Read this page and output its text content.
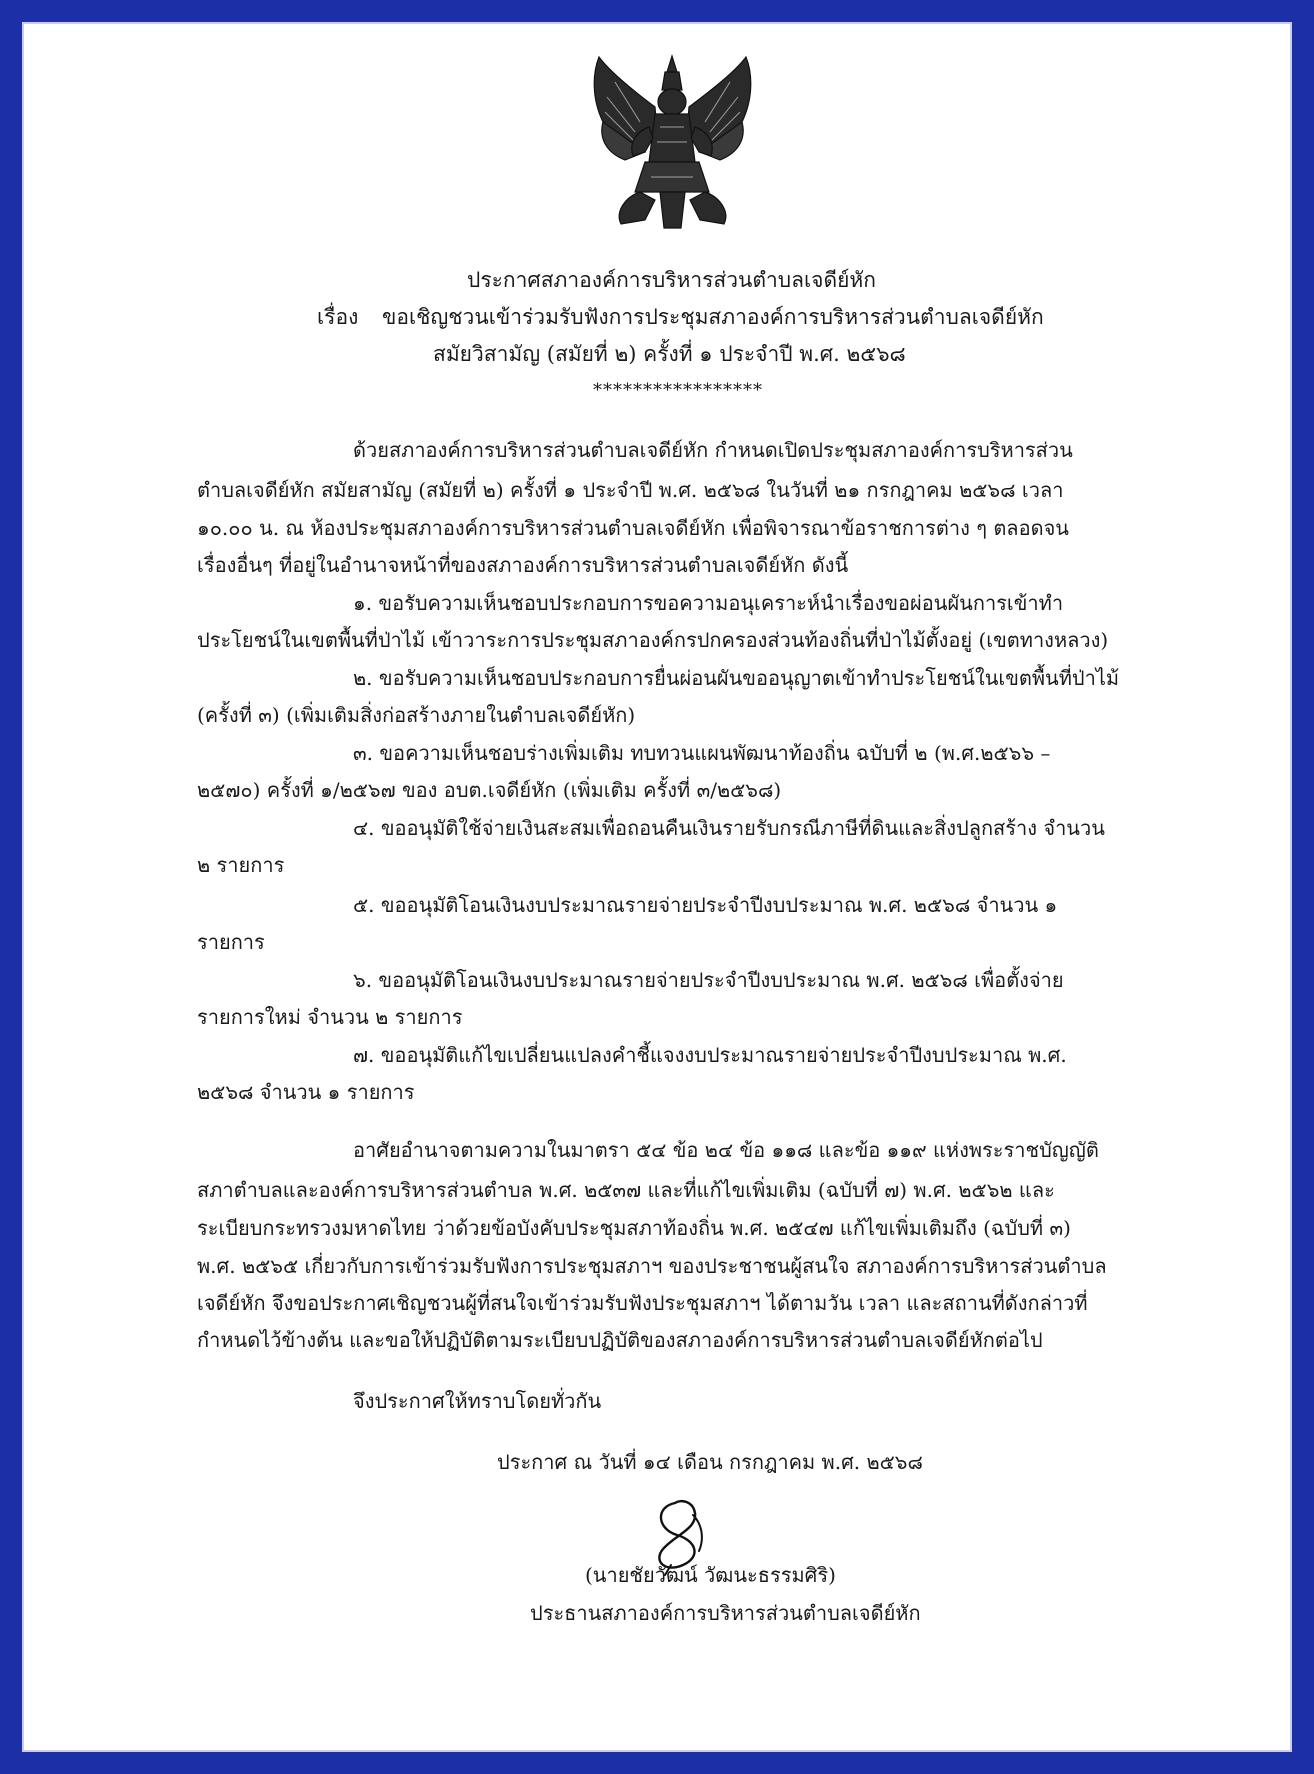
ประกาศสภาองค์การบริหารส่วนตำบลเจดีย์หัก
เรื่อง ขอเชิญชวนเข้าร่วมรับฟังการประชุมสภาองค์การบริหารส่วนตำบลเจดีย์หัก
สมัยวิสามัญ (สมัยที่ ๒) ครั้งที่ ๑ ประจำปี พ.ศ. ๒๕๖๘
*****************
ด้วยสภาองค์การบริหารส่วนตำบลเจดีย์หัก กำหนดเปิดประชุมสภาองค์การบริหารส่วน
ตำบลเจดีย์หัก สมัยสามัญ (สมัยที่ ๒) ครั้งที่ ๑ ประจำปี พ.ศ. ๒๕๖๘ ในวันที่ ๒๑ กรกฎาคม ๒๕๖๘ เวลา
๑๐.๐๐ น. ณ ห้องประชุมสภาองค์การบริหารส่วนตำบลเจดีย์หัก เพื่อพิจารณาข้อราชการต่าง ๆ ตลอดจน
เรื่องอื่นๆ ที่อยู่ในอำนาจหน้าที่ของสภาองค์การบริหารส่วนตำบลเจดีย์หัก ดังนี้
๑. ขอรับความเห็นชอบประกอบการขอความอนุเคราะห์นำเรื่องขอผ่อนผันการเข้าทำ
ประโยชน์ในเขตพื้นที่ป่าไม้ เข้าวาระการประชุมสภาองค์กรปกครองส่วนท้องถิ่นที่ป่าไม้ตั้งอยู่ (เขตทางหลวง)
๒. ขอรับความเห็นชอบประกอบการยื่นผ่อนผันขออนุญาตเข้าทำประโยชน์ในเขตพื้นที่ป่าไม้
(ครั้งที่ ๓) (เพิ่มเติมสิ่งก่อสร้างภายในตำบลเจดีย์หัก)
๓. ขอความเห็นชอบร่างเพิ่มเติม ทบทวนแผนพัฒนาท้องถิ่น ฉบับที่ ๒ (พ.ศ.๒๕๖๖ –
๒๕๗๐) ครั้งที่ ๑/๒๕๖๗ ของ อบต.เจดีย์หัก (เพิ่มเติม ครั้งที่ ๓/๒๕๖๘)
๔. ขออนุมัติใช้จ่ายเงินสะสมเพื่อถอนคืนเงินรายรับกรณีภาษีที่ดินและสิ่งปลูกสร้าง จำนวน
๒ รายการ
๕. ขออนุมัติโอนเงินงบประมาณรายจ่ายประจำปีงบประมาณ พ.ศ. ๒๕๖๘ จำนวน ๑
รายการ
๖. ขออนุมัติโอนเงินงบประมาณรายจ่ายประจำปีงบประมาณ พ.ศ. ๒๕๖๘ เพื่อตั้งจ่าย
รายการใหม่ จำนวน ๒ รายการ
๗. ขออนุมัติแก้ไขเปลี่ยนแปลงคำชี้แจงงบประมาณรายจ่ายประจำปีงบประมาณ พ.ศ.
๒๕๖๘ จำนวน ๑ รายการ
อาศัยอำนาจตามความในมาตรา ๕๔ ข้อ ๒๔ ข้อ ๑๑๘ และข้อ ๑๑๙ แห่งพระราชบัญญัติ
สภาตำบลและองค์การบริหารส่วนตำบล พ.ศ. ๒๕๓๗ และที่แก้ไขเพิ่มเติม (ฉบับที่ ๗) พ.ศ. ๒๕๖๒ และ
ระเบียบกระทรวงมหาดไทย ว่าด้วยข้อบังคับประชุมสภาท้องถิ่น พ.ศ. ๒๕๔๗ แก้ไขเพิ่มเติมถึง (ฉบับที่ ๓)
พ.ศ. ๒๕๖๕ เกี่ยวกับการเข้าร่วมรับฟังการประชุมสภาฯ ของประชาชนผู้สนใจ สภาองค์การบริหารส่วนตำบล
เจดีย์หัก จึงขอประกาศเชิญชวนผู้ที่สนใจเข้าร่วมรับฟังประชุมสภาฯ ได้ตามวัน เวลา และสถานที่ดังกล่าวที่
กำหนดไว้ข้างต้น และขอให้ปฏิบัติตามระเบียบปฏิบัติของสภาองค์การบริหารส่วนตำบลเจดีย์หักต่อไป
จึงประกาศให้ทราบโดยทั่วกัน
ประกาศ ณ วันที่ ๑๔ เดือน กรกฎาคม พ.ศ. ๒๕๖๘
(นายชัยวัฒน์ วัฒนะธรรมศิริ)
ประธานสภาองค์การบริหารส่วนตำบลเจดีย์หัก
